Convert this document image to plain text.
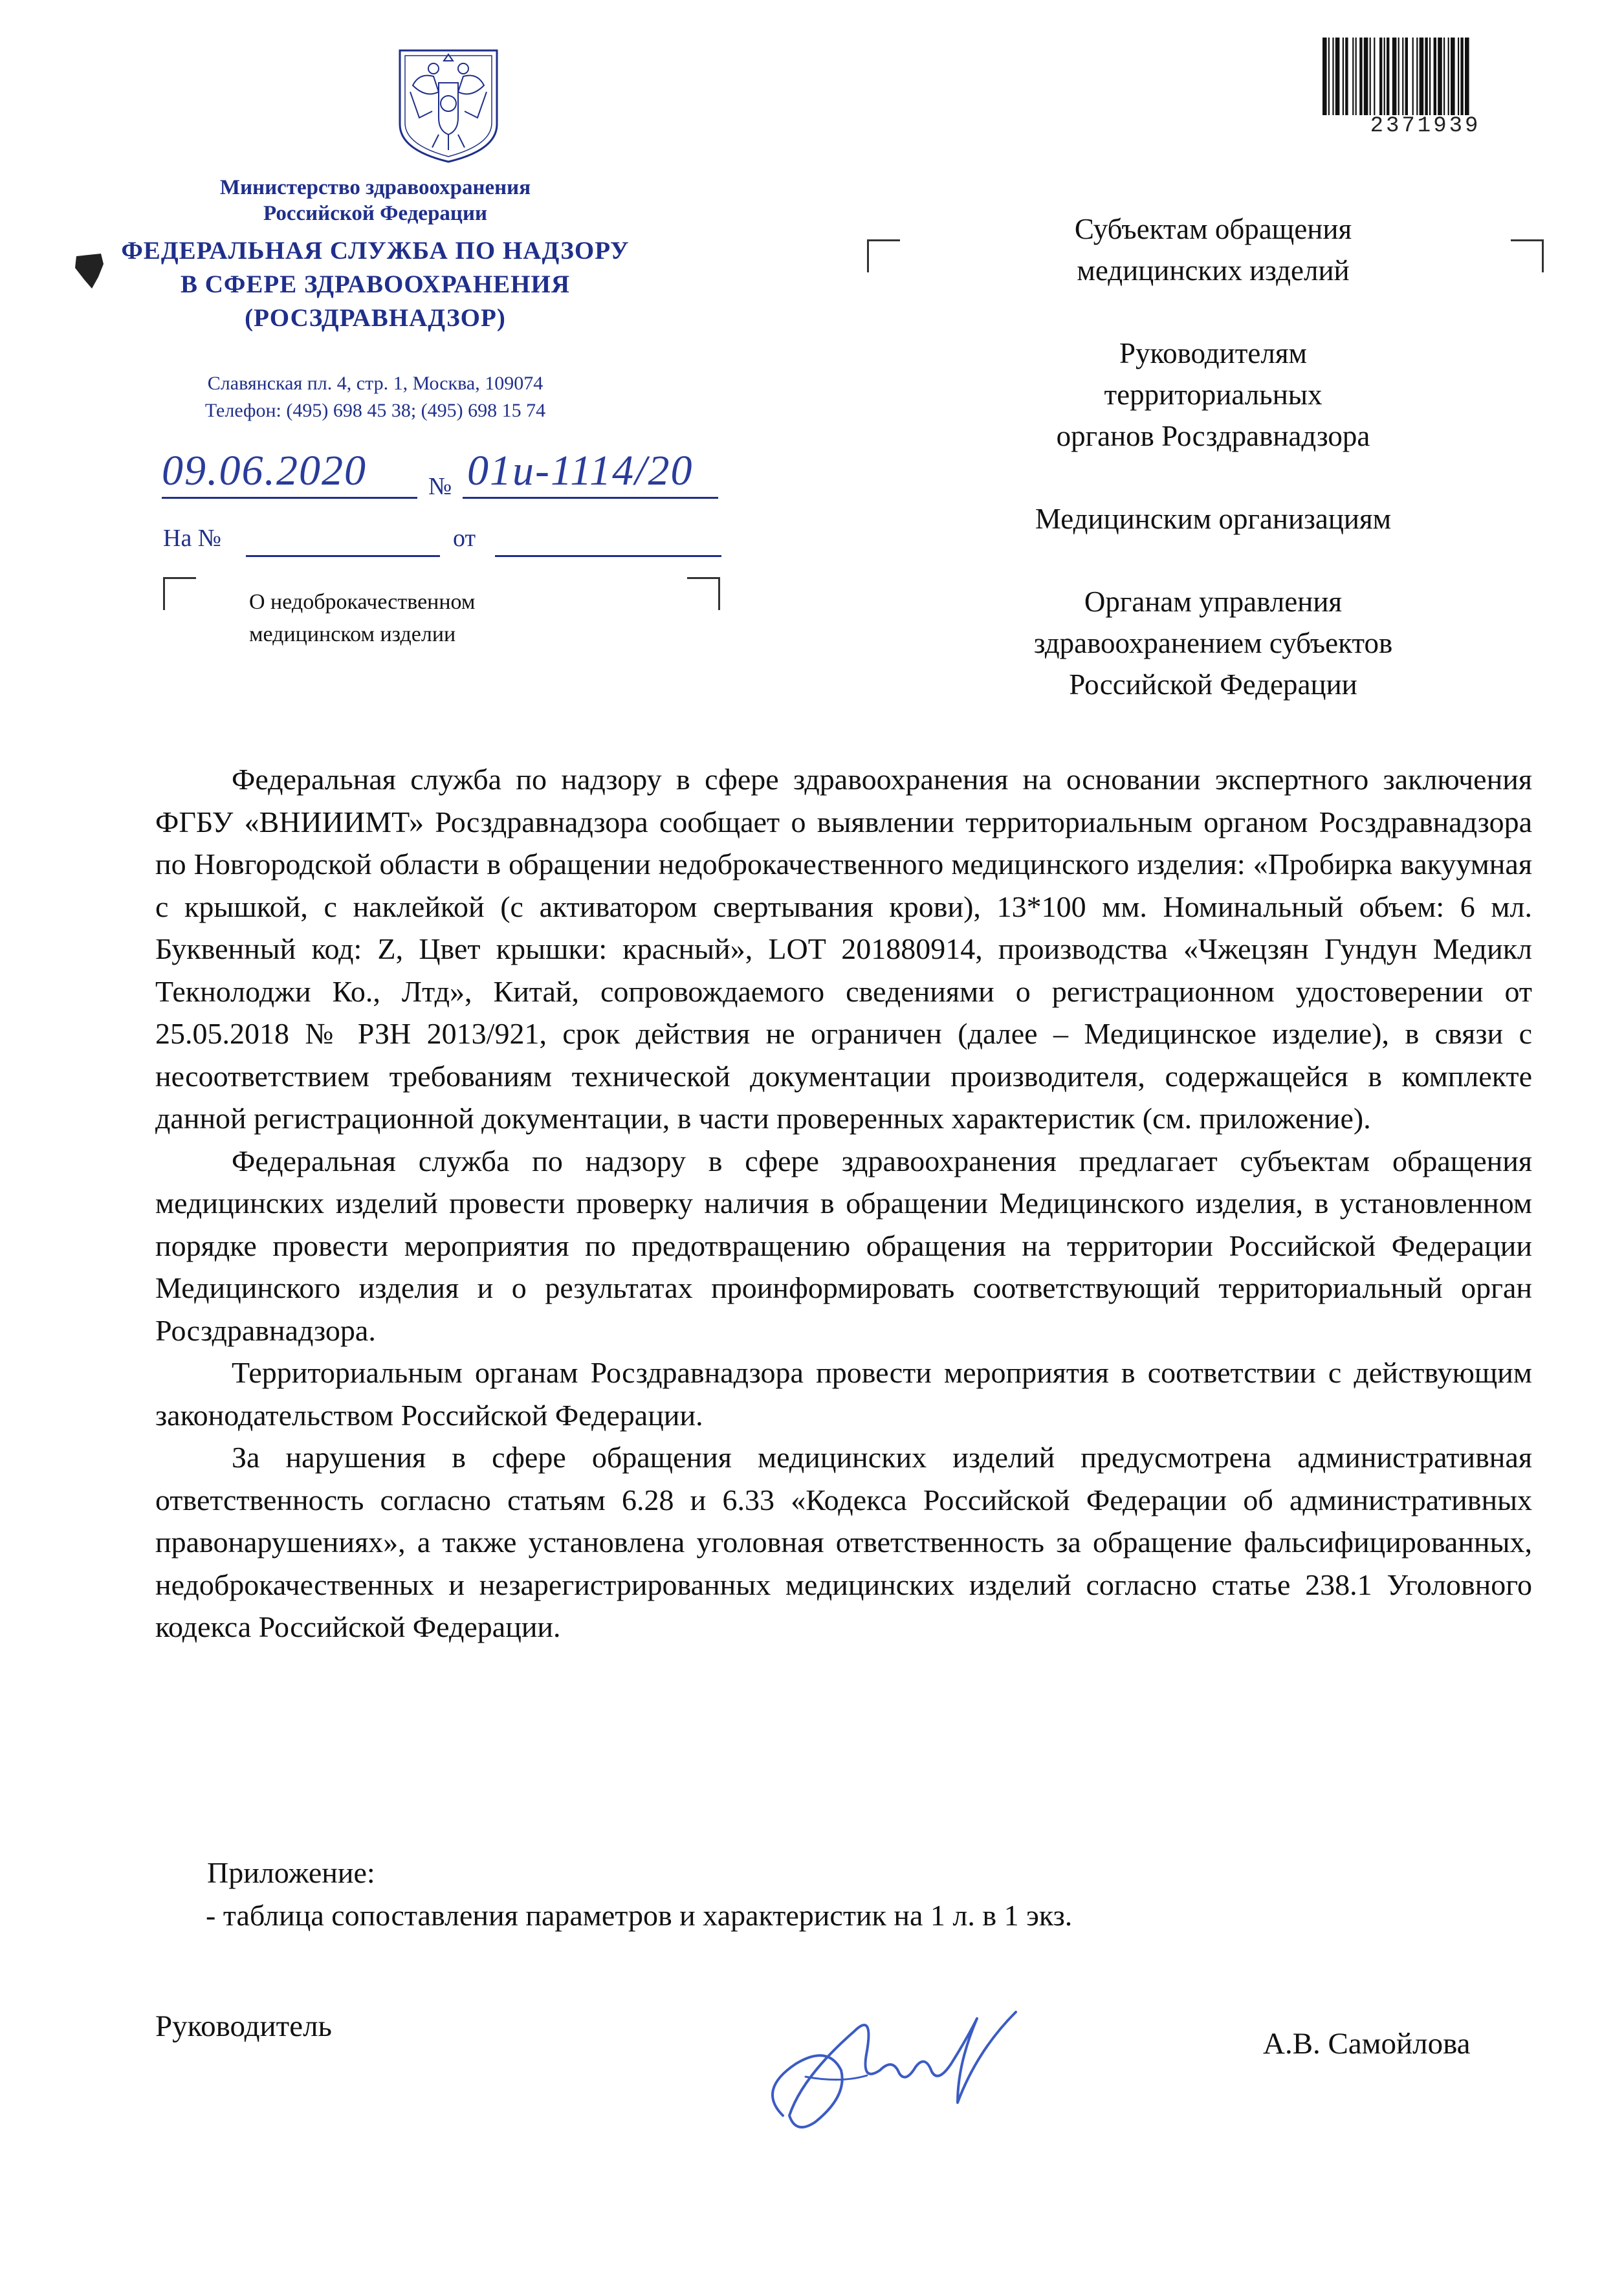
Министерство здравоохранения
Российской Федерации
ФЕДЕРАЛЬНАЯ СЛУЖБА ПО НАДЗОРУ
В СФЕРЕ ЗДРАВООХРАНЕНИЯ
(РОСЗДРАВНАДЗОР)
Славянская пл. 4, стр. 1, Москва, 109074
Телефон: (495) 698 45 38; (495) 698 15 74
2371939
09.06.2020	№ 01и-1114/20
На №	от
О недоброкачественном
медицинском изделии
Субъектам обращения
медицинских изделий
Руководителям
территориальных
органов Росздравнадзора
Медицинским организациям
Органам управления
здравоохранением субъектов
Российской Федерации

Федеральная служба по надзору в сфере здравоохранения на основании экспертного заключения ФГБУ «ВНИИИМТ» Росздравнадзора сообщает о выявлении территориальным органом Росздравнадзора по Новгородской области в обращении недоброкачественного медицинского изделия: «Пробирка вакуумная с крышкой, с наклейкой (с активатором свертывания крови), 13*100 мм. Номинальный объем: 6 мл. Буквенный код: Z, Цвет крышки: красный», LOT 201880914, производства «Чжецзян Гундун Медикл Текнолоджи Ко., Лтд», Китай, сопровождаемого сведениями о регистрационном удостоверении от 25.05.2018 № РЗН 2013/921, срок действия не ограничен (далее – Медицинское изделие), в связи с несоответствием требованиям технической документации производителя, содержащейся в комплекте данной регистрационной документации, в части проверенных характеристик (см. приложение).

Федеральная служба по надзору в сфере здравоохранения предлагает субъектам обращения медицинских изделий провести проверку наличия в обращении Медицинского изделия, в установленном порядке провести мероприятия по предотвращению обращения на территории Российской Федерации Медицинского изделия и о результатах проинформировать соответствующий территориальный орган Росздравнадзора.

Территориальным органам Росздравнадзора провести мероприятия в соответствии с действующим законодательством Российской Федерации.

За нарушения в сфере обращения медицинских изделий предусмотрена административная ответственность согласно статьям 6.28 и 6.33 «Кодекса Российской Федерации об административных правонарушениях», а также установлена уголовная ответственность за обращение фальсифицированных, недоброкачественных и незарегистрированных медицинских изделий согласно статье 238.1 Уголовного кодекса Российской Федерации.

Приложение:
- таблица сопоставления параметров и характеристик на 1 л. в 1 экз.
Руководитель
А.В. Самойлова
